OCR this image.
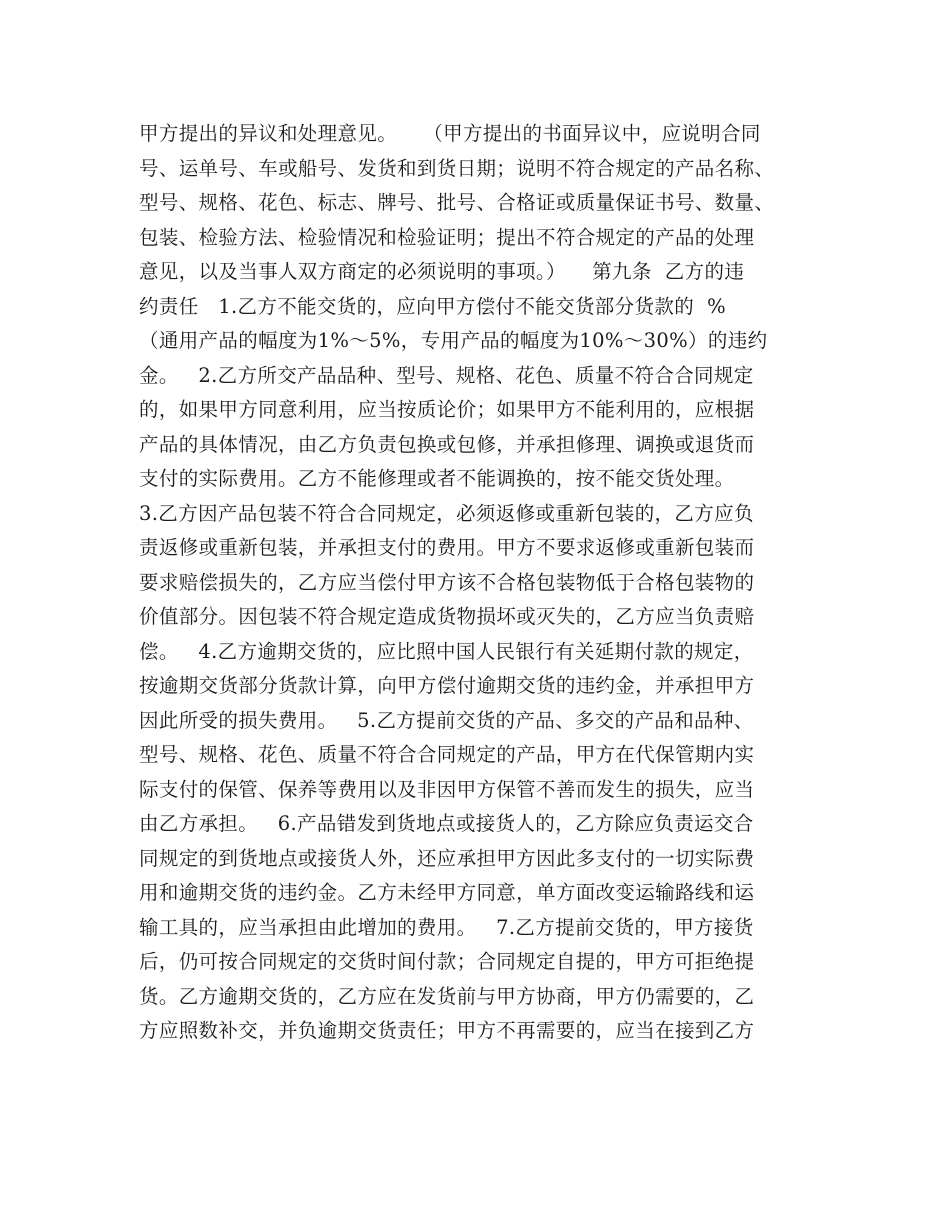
甲方提出的异议和处理意见。    （甲方提出的书面异议中，应说明合同
号、运单号、车或船号、发货和到货日期；说明不符合规定的产品名称、
型号、规格、花色、标志、牌号、批号、合格证或质量保证书号、数量、
包装、检验方法、检验情况和检验证明；提出不符合规定的产品的处理
意见，以及当事人双方商定的必须说明的事项。）    第九条  乙方的违
约责任   1.乙方不能交货的，应向甲方偿付不能交货部分货款的  %
（通用产品的幅度为1%～5%，专用产品的幅度为10%～30%）的违约
金。   2.乙方所交产品品种、型号、规格、花色、质量不符合合同规定
的，如果甲方同意利用，应当按质论价；如果甲方不能利用的，应根据
产品的具体情况，由乙方负责包换或包修，并承担修理、调换或退货而
支付的实际费用。乙方不能修理或者不能调换的，按不能交货处理。
3.乙方因产品包装不符合合同规定，必须返修或重新包装的，乙方应负
责返修或重新包装，并承担支付的费用。甲方不要求返修或重新包装而
要求赔偿损失的，乙方应当偿付甲方该不合格包装物低于合格包装物的
价值部分。因包装不符合规定造成货物损坏或灭失的，乙方应当负责赔
偿。   4.乙方逾期交货的，应比照中国人民银行有关延期付款的规定，
按逾期交货部分货款计算，向甲方偿付逾期交货的违约金，并承担甲方
因此所受的损失费用。   5.乙方提前交货的产品、多交的产品和品种、
型号、规格、花色、质量不符合合同规定的产品，甲方在代保管期内实
际支付的保管、保养等费用以及非因甲方保管不善而发生的损失，应当
由乙方承担。   6.产品错发到货地点或接货人的，乙方除应负责运交合
同规定的到货地点或接货人外，还应承担甲方因此多支付的一切实际费
用和逾期交货的违约金。乙方未经甲方同意，单方面改变运输路线和运
输工具的，应当承担由此增加的费用。   7.乙方提前交货的，甲方接货
后，仍可按合同规定的交货时间付款；合同规定自提的，甲方可拒绝提
货。乙方逾期交货的，乙方应在发货前与甲方协商，甲方仍需要的，乙
方应照数补交，并负逾期交货责任；甲方不再需要的，应当在接到乙方
